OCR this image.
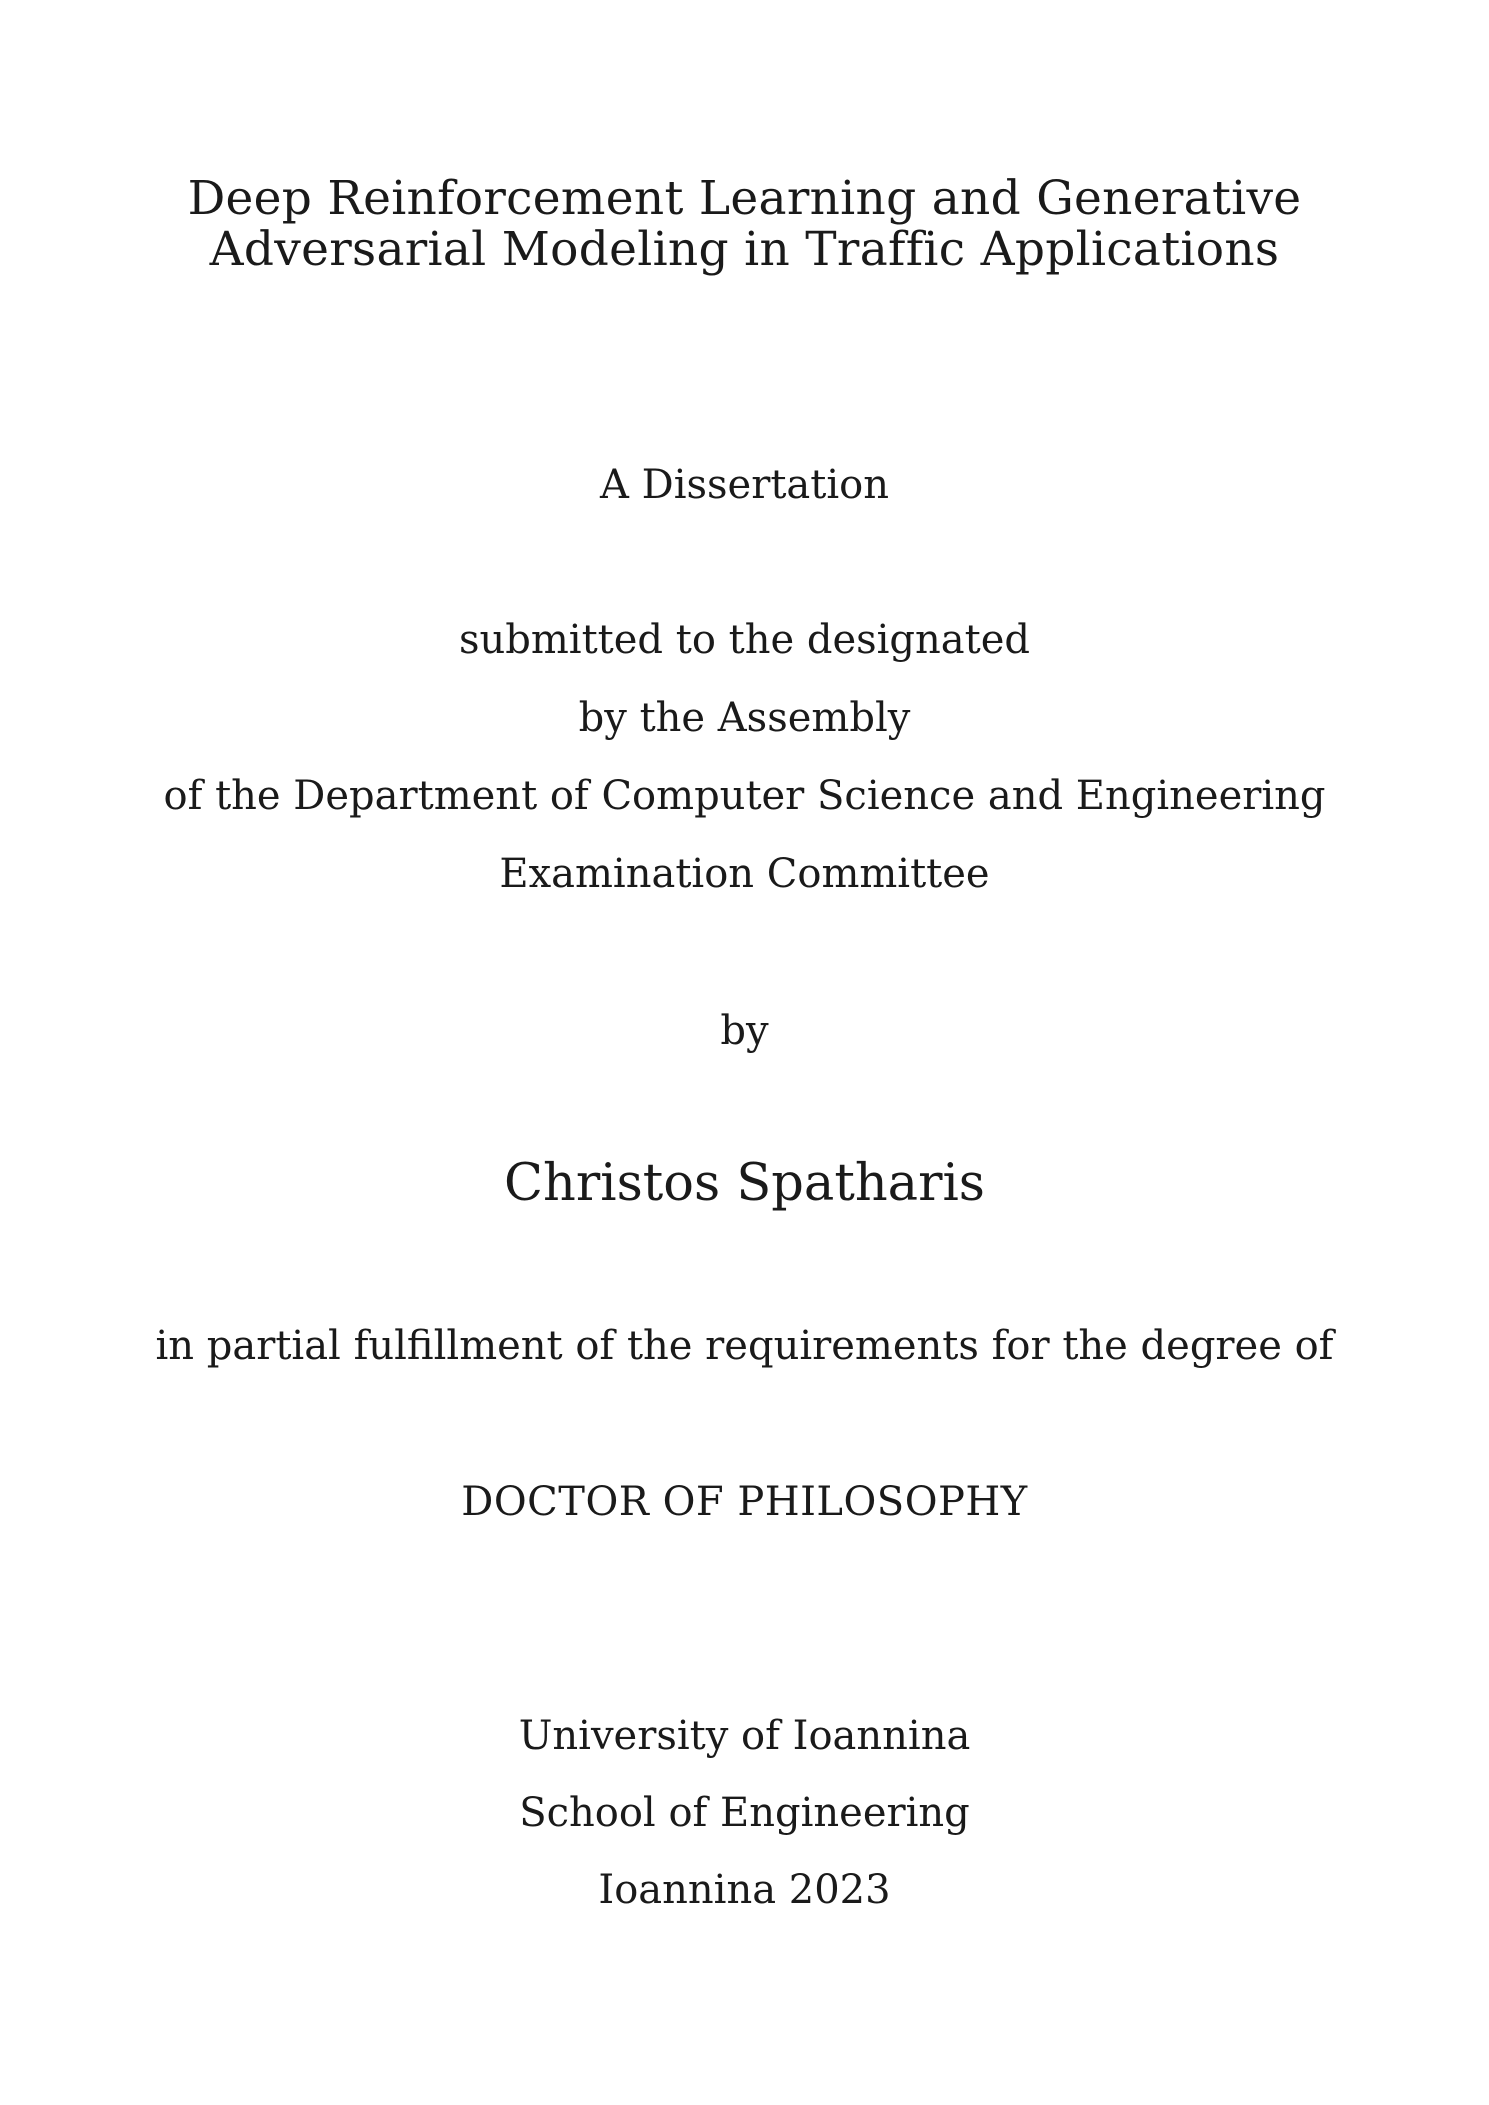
Deep Reinforcement Learning and Generative
Adversarial Modeling in Traffic Applications
A Dissertation
submitted to the designated
by the Assembly
of the Department of Computer Science and Engineering
Examination Committee
by
Christos Spatharis
in partial fulfillment of the requirements for the degree of
DOCTOR OF PHILOSOPHY
University of Ioannina
School of Engineering
Ioannina 2023
